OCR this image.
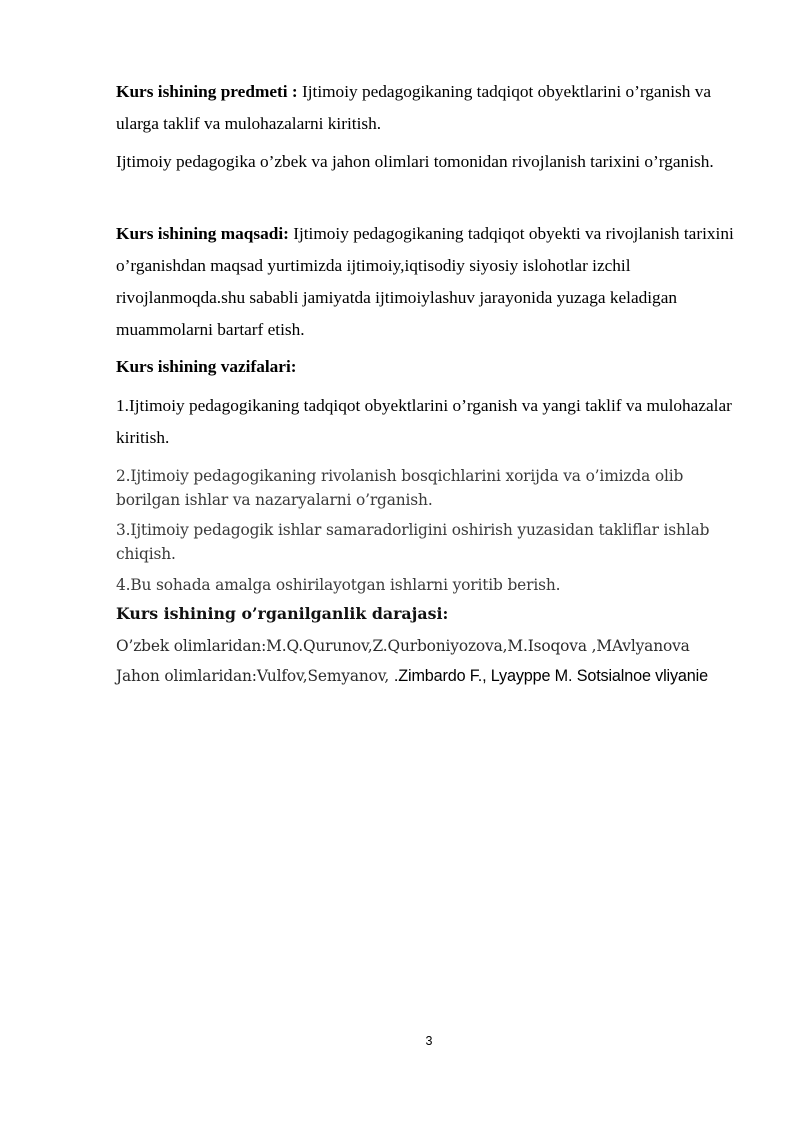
Kurs ishining predmeti : Ijtimoiy pedagogikaning tadqiqot obyektlarini o’rganish va ularga taklif va mulohazalarni kiritish.

Ijtimoiy pedagogika o’zbek va jahon olimlari tomonidan rivojlanish tarixini o’rganish.

Kurs ishining maqsadi: Ijtimoiy pedagogikaning tadqiqot obyekti va rivojlanish tarixini o’rganishdan maqsad yurtimizda ijtimoiy,iqtisodiy siyosiy islohotlar izchil rivojlanmoqda.shu sababli jamiyatda ijtimoiylashuv jarayonida yuzaga keladigan muammolarni bartarf etish.

Kurs ishining vazifalari:

1.Ijtimoiy pedagogikaning tadqiqot obyektlarini o’rganish va yangi taklif va mulohazalar kiritish.

2.Ijtimoiy pedagogikaning rivolanish bosqichlarini xorijda va o’imizda olib borilgan ishlar va nazaryalarni o’rganish.

3.Ijtimoiy pedagogik ishlar samaradorligini oshirish yuzasidan takliflar ishlab chiqish.

4.Bu sohada amalga oshirilayotgan ishlarni yoritib berish.

Kurs ishining o’rganilganlik darajasi:

O’zbek olimlaridan:M.Q.Qurunov,Z.Qurboniyozova,M.Isoqova ,MAvlyanova

Jahon olimlaridan:Vulfov,Semyanov, .Zimbardo F., Lyayppe M. Sotsialnoe vliyanie

3
